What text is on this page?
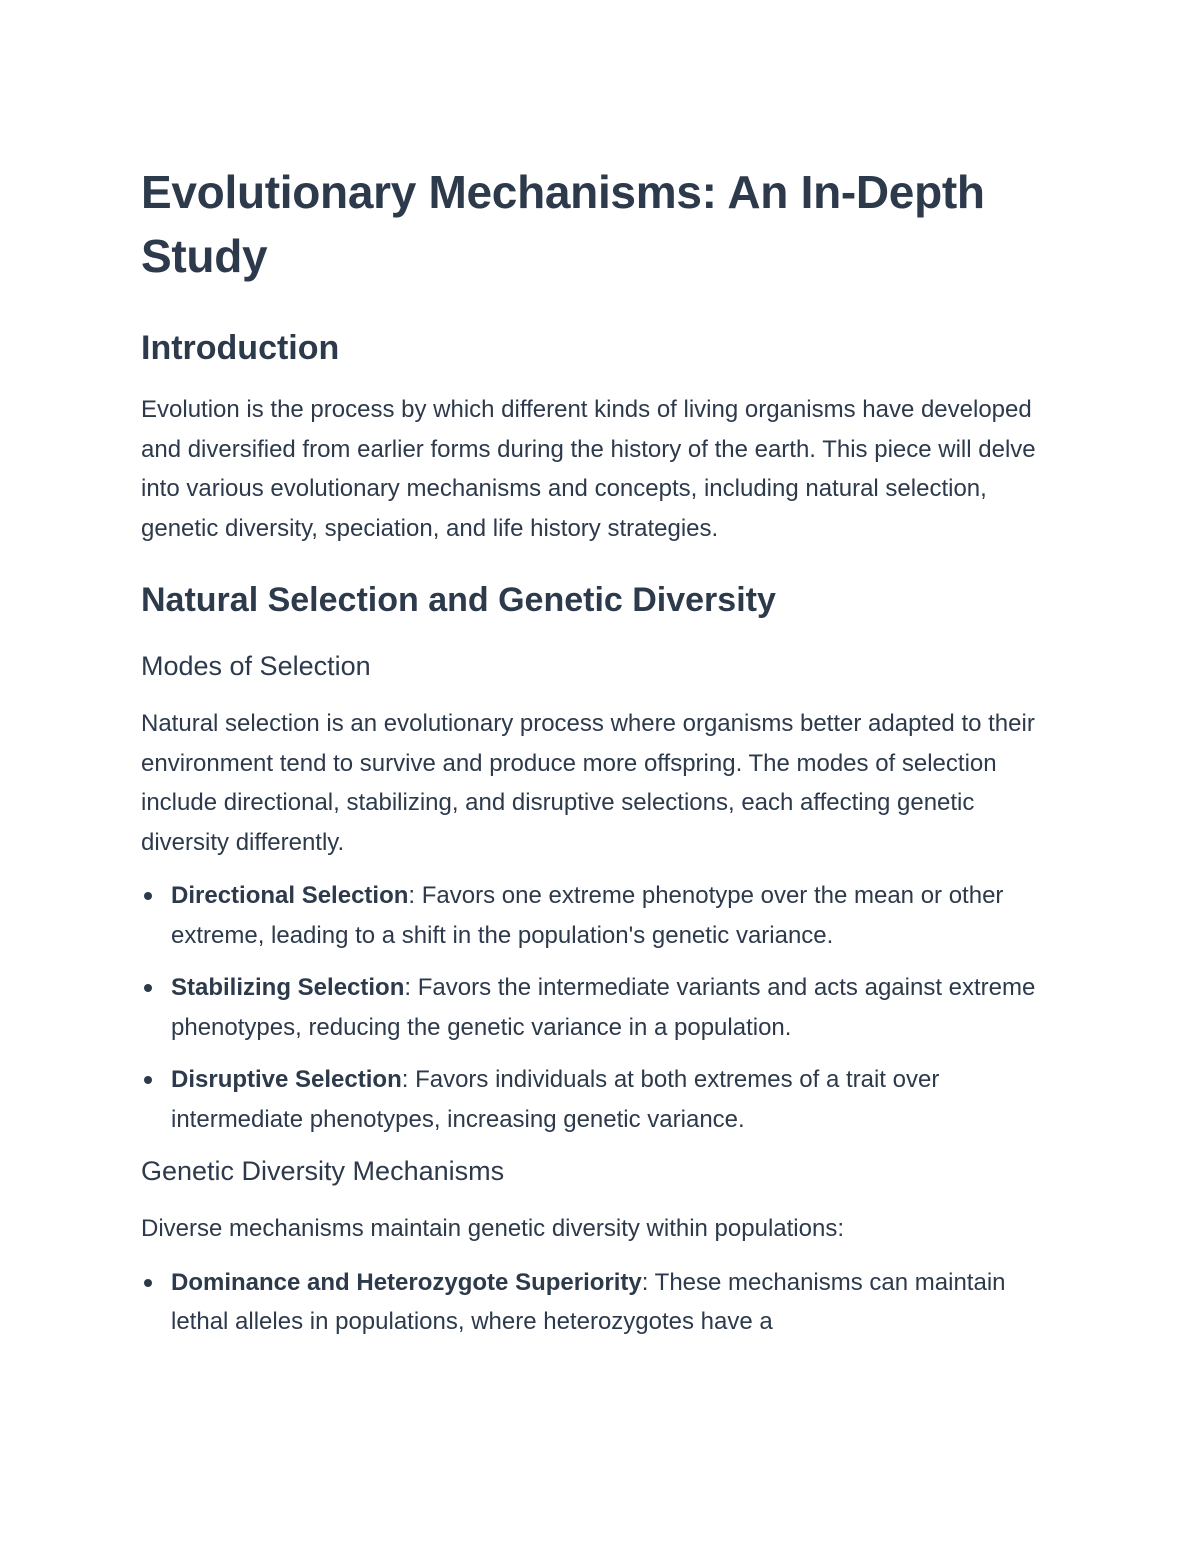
Evolutionary Mechanisms: An In-Depth Study
Introduction

Evolution is the process by which different kinds of living organisms have developed and diversified from earlier forms during the history of the earth. This piece will delve into various evolutionary mechanisms and concepts, including natural selection, genetic diversity, speciation, and life history strategies.

Natural Selection and Genetic Diversity
Modes of Selection

Natural selection is an evolutionary process where organisms better adapted to their environment tend to survive and produce more offspring. The modes of selection include directional, stabilizing, and disruptive selections, each affecting genetic diversity differently.

Directional Selection: Favors one extreme phenotype over the mean or other extreme, leading to a shift in the population's genetic variance.
Stabilizing Selection: Favors the intermediate variants and acts against extreme phenotypes, reducing the genetic variance in a population.
Disruptive Selection: Favors individuals at both extremes of a trait over intermediate phenotypes, increasing genetic variance.
Genetic Diversity Mechanisms

Diverse mechanisms maintain genetic diversity within populations:

Dominance and Heterozygote Superiority: These mechanisms can maintain lethal alleles in populations, where heterozygotes have a
